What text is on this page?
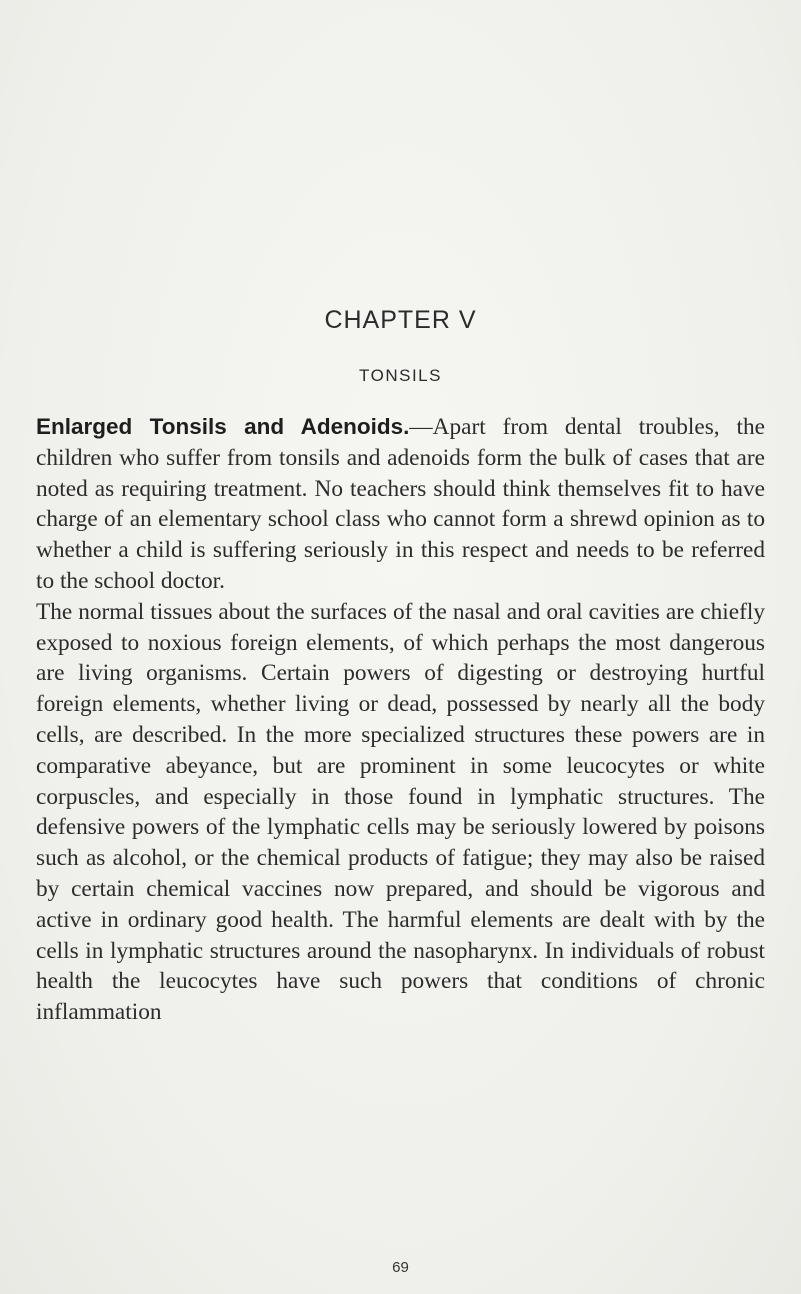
CHAPTER V
TONSILS

Enlarged Tonsils and Adenoids.—Apart from dental troubles, the children who suffer from tonsils and adenoids form the bulk of cases that are noted as requiring treatment. No teachers should think themselves fit to have charge of an elementary school class who cannot form a shrewd opinion as to whether a child is suffering seriously in this respect and needs to be referred to the school doctor.

The normal tissues about the surfaces of the nasal and oral cavities are chiefly exposed to noxious foreign elements, of which perhaps the most dangerous are living organisms. Certain powers of digesting or destroying hurtful foreign elements, whether living or dead, possessed by nearly all the body cells, are described. In the more specialized structures these powers are in comparative abeyance, but are prominent in some leucocytes or white corpuscles, and especially in those found in lymphatic structures. The defensive powers of the lymphatic cells may be seriously lowered by poisons such as alcohol, or the chemical products of fatigue; they may also be raised by certain chemical vaccines now prepared, and should be vigorous and active in ordinary good health. The harmful elements are dealt with by the cells in lymphatic structures around the nasopharynx. In individuals of robust health the leucocytes have such powers that conditions of chronic inflammation

69
